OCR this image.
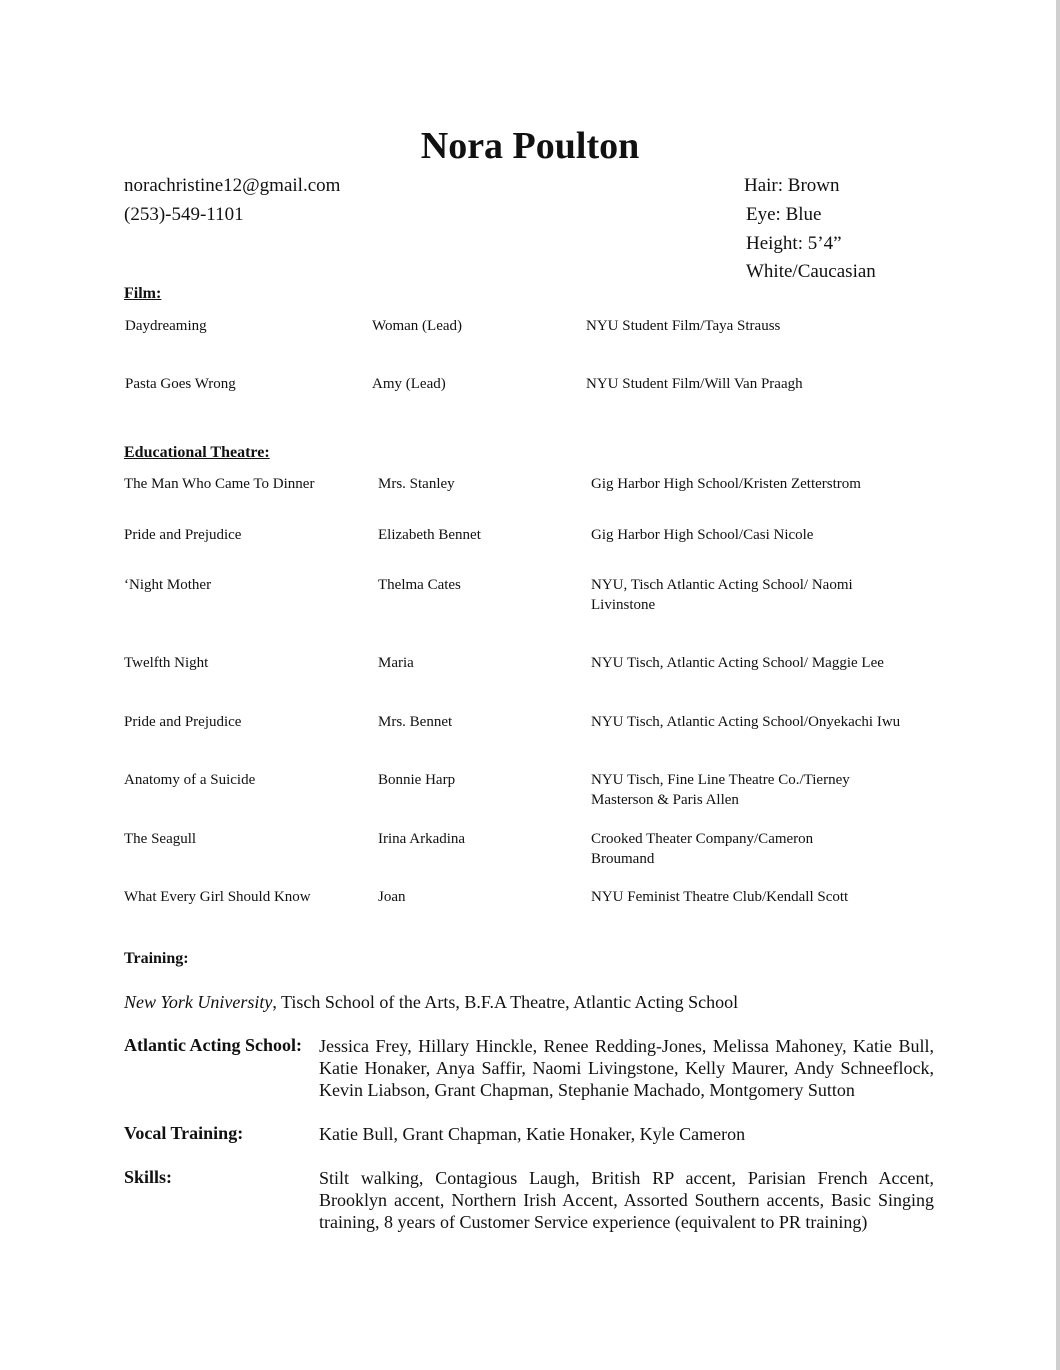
Nora Poulton
norachristine12@gmail.com
(253)-549-1101
Hair: Brown
Eye: Blue
Height: 5’4”
White/Caucasian
Film:
Daydreaming	Woman (Lead)	NYU Student Film/Taya Strauss
Pasta Goes Wrong	Amy (Lead)	NYU Student Film/Will Van Praagh
Educational Theatre:
The Man Who Came To Dinner	Mrs. Stanley	Gig Harbor High School/Kristen Zetterstrom
Pride and Prejudice	Elizabeth Bennet	Gig Harbor High School/Casi Nicole
‘Night Mother	Thelma Cates	NYU, Tisch Atlantic Acting School/ Naomi Livinstone
Twelfth Night	Maria	NYU Tisch, Atlantic Acting School/ Maggie Lee
Pride and Prejudice	Mrs. Bennet	NYU Tisch, Atlantic Acting School/Onyekachi Iwu
Anatomy of a Suicide	Bonnie Harp	NYU Tisch, Fine Line Theatre Co./Tierney Masterson & Paris Allen
The Seagull	Irina Arkadina	Crooked Theater Company/Cameron Broumand
What Every Girl Should Know	Joan	NYU Feminist Theatre Club/Kendall Scott
Training:
New York University, Tisch School of the Arts, B.F.A Theatre, Atlantic Acting School
Atlantic Acting School: Jessica Frey, Hillary Hinckle, Renee Redding-Jones, Melissa Mahoney, Katie Bull, Katie Honaker, Anya Saffir, Naomi Livingstone, Kelly Maurer, Andy Schneeflock, Kevin Liabson, Grant Chapman, Stephanie Machado, Montgomery Sutton
Vocal Training:	Katie Bull, Grant Chapman, Katie Honaker, Kyle Cameron
Skills:	Stilt walking, Contagious Laugh, British RP accent, Parisian French Accent, Brooklyn accent, Northern Irish Accent, Assorted Southern accents, Basic Singing training, 8 years of Customer Service experience (equivalent to PR training)
